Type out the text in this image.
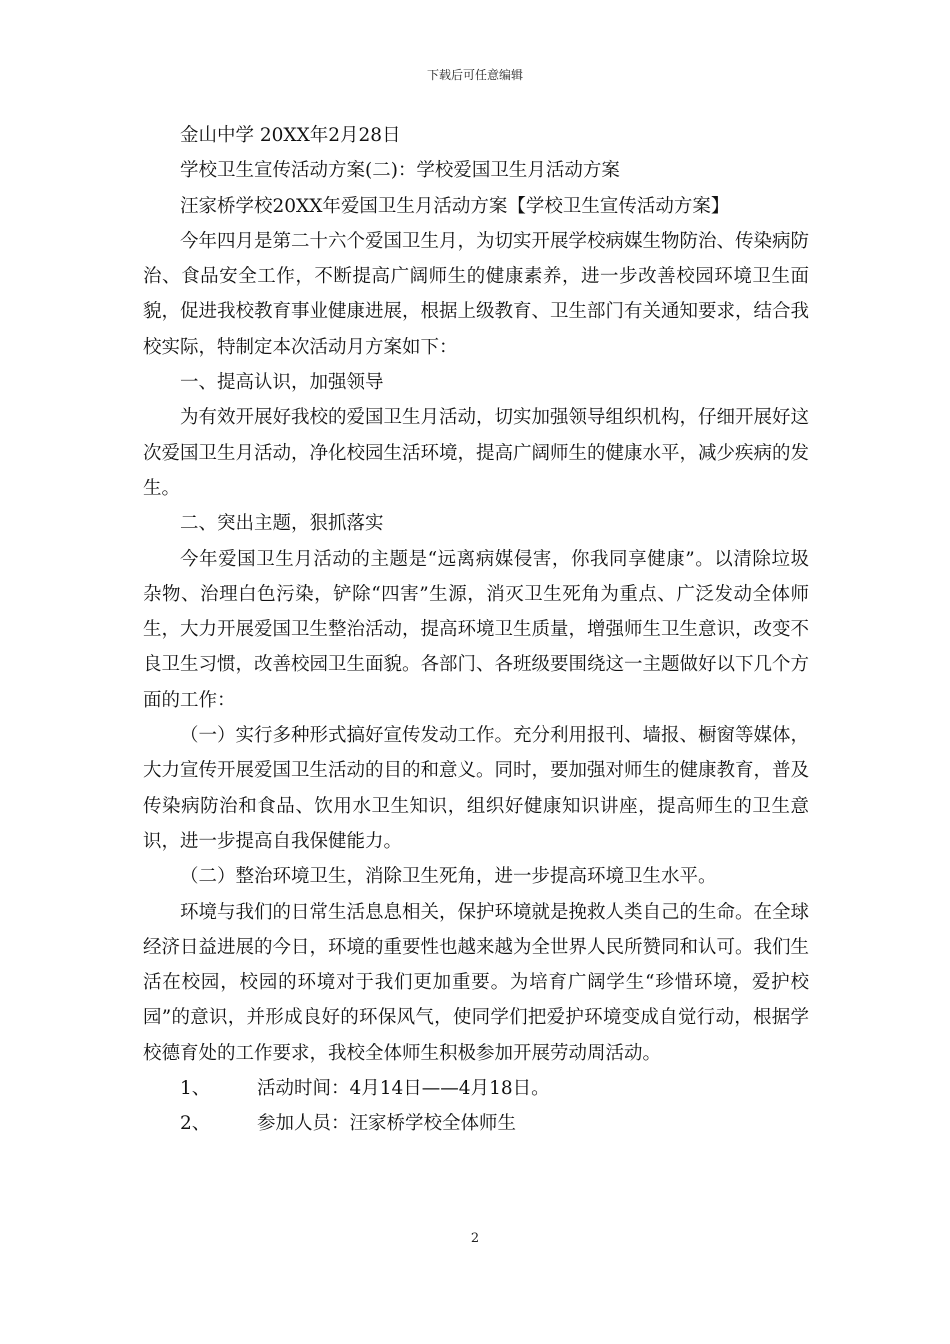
下载后可任意编辑

金山中学 20XX年2月28日

学校卫生宣传活动方案(二)：学校爱国卫生月活动方案

汪家桥学校20XX年爱国卫生月活动方案【学校卫生宣传活动方案】

今年四月是第二十六个爱国卫生月，为切实开展学校病媒生物防治、传染病防治、食品安全工作，不断提高广阔师生的健康素养，进一步改善校园环境卫生面貌，促进我校教育事业健康进展，根据上级教育、卫生部门有关通知要求，结合我校实际，特制定本次活动月方案如下：

一、提高认识，加强领导

为有效开展好我校的爱国卫生月活动，切实加强领导组织机构，仔细开展好这次爱国卫生月活动，净化校园生活环境，提高广阔师生的健康水平，减少疾病的发生。

二、突出主题，狠抓落实

今年爱国卫生月活动的主题是“远离病媒侵害，你我同享健康”。以清除垃圾杂物、治理白色污染，铲除“四害”生源，消灭卫生死角为重点、广泛发动全体师生，大力开展爱国卫生整治活动，提高环境卫生质量，增强师生卫生意识，改变不良卫生习惯，改善校园卫生面貌。各部门、各班级要围绕这一主题做好以下几个方面的工作：

（一）实行多种形式搞好宣传发动工作。充分利用报刊、墙报、橱窗等媒体，大力宣传开展爱国卫生活动的目的和意义。同时，要加强对师生的健康教育，普及传染病防治和食品、饮用水卫生知识，组织好健康知识讲座，提高师生的卫生意识，进一步提高自我保健能力。

（二）整治环境卫生，消除卫生死角，进一步提高环境卫生水平。

环境与我们的日常生活息息相关，保护环境就是挽救人类自己的生命。在全球经济日益进展的今日，环境的重要性也越来越为全世界人民所赞同和认可。我们生活在校园，校园的环境对于我们更加重要。为培育广阔学生“珍惜环境，爱护校园”的意识，并形成良好的环保风气，使同学们把爱护环境变成自觉行动，根据学校德育处的工作要求，我校全体师生积极参加开展劳动周活动。

1、	活动时间：4月14日——4月18日。
2、	参加人员：汪家桥学校全体师生
2
